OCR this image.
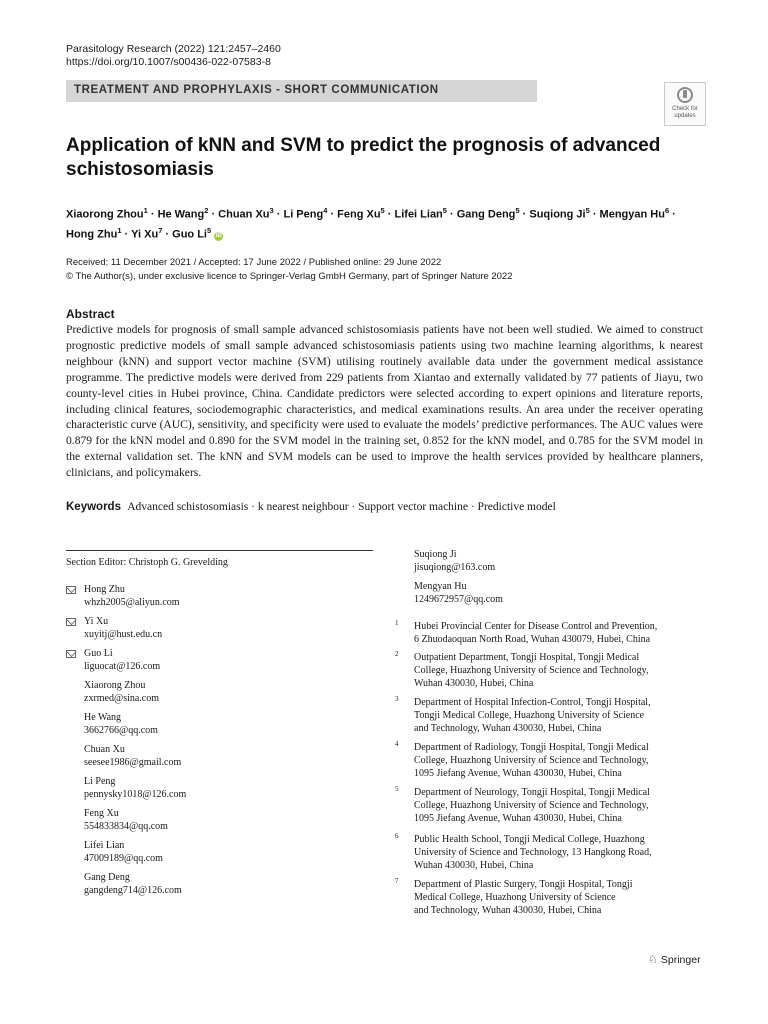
Parasitology Research (2022) 121:2457–2460
https://doi.org/10.1007/s00436-022-07583-8
TREATMENT AND PROPHYLAXIS - SHORT COMMUNICATION
Check for
updates
Application of kNN and SVM to predict the prognosis of advanced schistosomiasis
Xiaorong Zhou$^1$ · He Wang$^2$ · Chuan $Xu^3 \cdot Li$ Peng$^4$ · Feng $Xu^5$ · Lifei Lian$^5$ · Gang Deng$^5$ · Suqiong $Ji^5$ · Mengyan $Hu^6$ ·
Hong Zhu$^1$ · Yi $Xu^7$ · Guo Li$^5$ iD
Received: 11 December 2021 / Accepted: 17 June 2022 / Published online: 29 June 2022
© The Author(s), under exclusive licence to Springer-Verlag GmbH Germany, part of Springer Nature 2022
Abstract
Predictive models for prognosis of small sample advanced schistosomiasis patients have not been well studied. We aimed to construct prognostic predictive models of small sample advanced schistosomiasis patients using two machine learning algorithms, k nearest neighbour (kNN) and support vector machine (SVM) utilising routinely available data under the government medical assistance programme. The predictive models were derived from 229 patients from Xiantao and externally validated by 77 patients of Jiayu, two county-level cities in Hubei province, China. Candidate predictors were selected according to expert opinions and literature reports, including clinical features, sociodemographic characteristics, and medical examinations results. An area under the receiver operating characteristic curve (AUC), sensitivity, and specificity were used to evaluate the models’ predictive performances. The AUC values were 0.879 for the kNN model and 0.890 for the SVM model in the training set, 0.852 for the kNN model, and 0.785 for the SVM model in the external validation set. The kNN and SVM models can be used to improve the health services provided by healthcare planners, clinicians, and policymakers.
Keywords Advanced schistosomiasis · k nearest neighbour · Support vector machine · Predictive model
Section Editor: Christoph G. Grevelding
Hong Zhu
whzh2005@aliyun.com
Yi Xu
xuyitj@hust.edu.cn
Guo Li
liguocat@126.com
Xiaorong Zhou
zxrmed@sina.com
He Wang
3662766@qq.com
Chuan Xu
seesee1986@gmail.com
Li Peng
pennysky1018@126.com
Feng Xu
554833834@qq.com
Lifei Lian
47009189@qq.com
Gang Deng
gangdeng714@126.com
Suqiong Ji
jisuqiong@163.com
Mengyan Hu
1249672957@qq.com
1 Hubei Provincial Center for Disease Control and Prevention,
6 Zhuodaoquan North Road, Wuhan 430079, Hubei, China
2 Outpatient Department, Tongji Hospital, Tongji Medical
College, Huazhong University of Science and Technology,
Wuhan 430030, Hubei, China
3 Department of Hospital Infection-Control, Tongji Hospital,
Tongji Medical College, Huazhong University of Science
and Technology, Wuhan 430030, Hubei, China
4 Department of Radiology, Tongji Hospital, Tongji Medical
College, Huazhong University of Science and Technology,
1095 Jiefang Avenue, Wuhan 430030, Hubei, China
5 Department of Neurology, Tongji Hospital, Tongji Medical
College, Huazhong University of Science and Technology,
1095 Jiefang Avenue, Wuhan 430030, Hubei, China
6 Public Health School, Tongji Medical College, Huazhong
University of Science and Technology, 13 Hangkong Road,
Wuhan 430030, Hubei, China
7 Department of Plastic Surgery, Tongji Hospital, Tongji
Medical College, Huazhong University of Science
and Technology, Wuhan 430030, Hubei, China
♘ Springer
